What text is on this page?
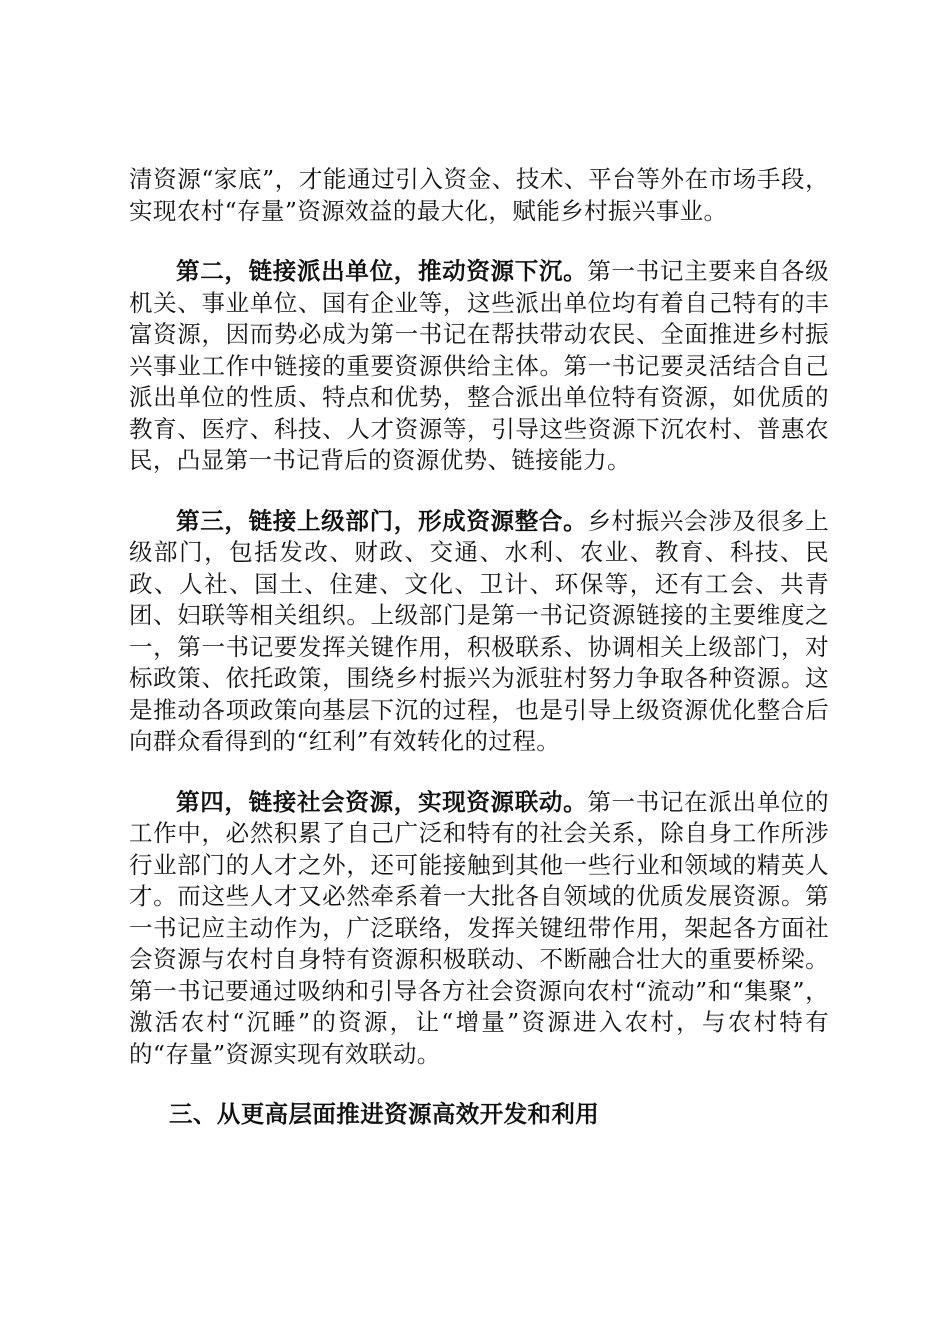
清资源“家底”，才能通过引入资金、技术、平台等外在市场手段，实现农村“存量”资源效益的最大化，赋能乡村振兴事业。

第二，链接派出单位，推动资源下沉。第一书记主要来自各级机关、事业单位、国有企业等，这些派出单位均有着自己特有的丰富资源，因而势必成为第一书记在帮扶带动农民、全面推进乡村振兴事业工作中链接的重要资源供给主体。第一书记要灵活结合自己派出单位的性质、特点和优势，整合派出单位特有资源，如优质的教育、医疗、科技、人才资源等，引导这些资源下沉农村、普惠农民，凸显第一书记背后的资源优势、链接能力。

第三，链接上级部门，形成资源整合。乡村振兴会涉及很多上级部门，包括发改、财政、交通、水利、农业、教育、科技、民政、人社、国土、住建、文化、卫计、环保等，还有工会、共青团、妇联等相关组织。上级部门是第一书记资源链接的主要维度之一，第一书记要发挥关键作用，积极联系、协调相关上级部门，对标政策、依托政策，围绕乡村振兴为派驻村努力争取各种资源。这是推动各项政策向基层下沉的过程，也是引导上级资源优化整合后向群众看得到的“红利”有效转化的过程。

第四，链接社会资源，实现资源联动。第一书记在派出单位的工作中，必然积累了自己广泛和特有的社会关系，除自身工作所涉行业部门的人才之外，还可能接触到其他一些行业和领域的精英人才。而这些人才又必然牵系着一大批各自领域的优质发展资源。第一书记应主动作为，广泛联络，发挥关键纽带作用，架起各方面社会资源与农村自身特有资源积极联动、不断融合壮大的重要桥梁。第一书记要通过吸纳和引导各方社会资源向农村“流动”和“集聚”，激活农村“沉睡”的资源，让“增量”资源进入农村，与农村特有的“存量”资源实现有效联动。

三、从更高层面推进资源高效开发和利用
